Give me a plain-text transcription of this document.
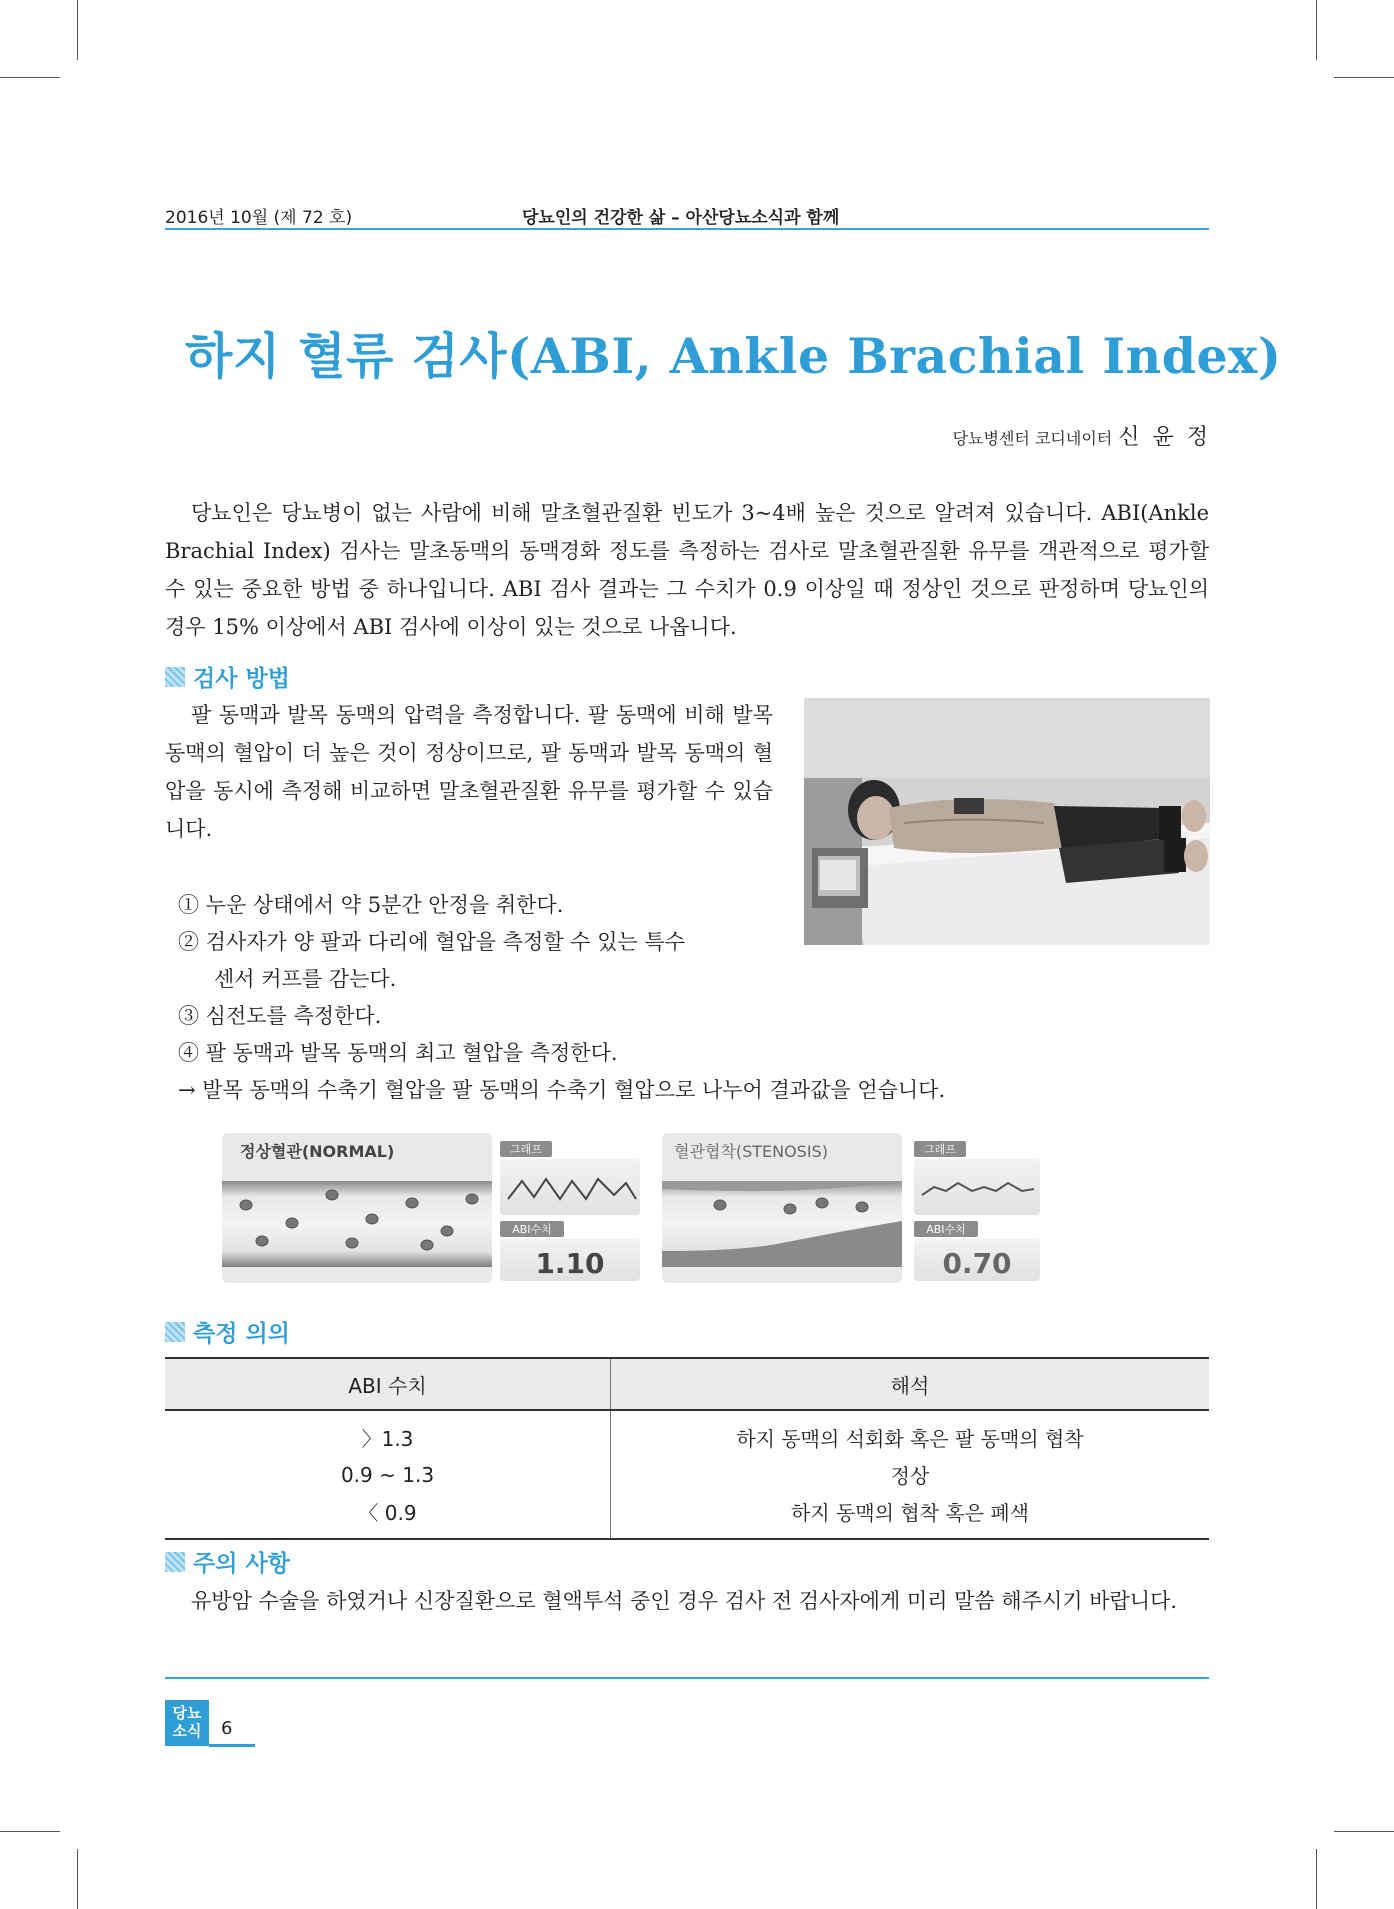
2016년 10월 (제 72 호)	당뇨인의 건강한 삶 – 아산당뇨소식과 함께
하지 혈류 검사(ABI, Ankle Brachial Index)
당뇨병센터 코디네이터 신 윤 정

당뇨인은 당뇨병이 없는 사람에 비해 말초혈관질환 빈도가 3~4배 높은 것으로 알려져 있습니다. ABI(Ankle Brachial Index) 검사는 말초동맥의 동맥경화 정도를 측정하는 검사로 말초혈관질환 유무를 객관적으로 평가할 수 있는 중요한 방법 중 하나입니다. ABI 검사 결과는 그 수치가 0.9 이상일 때 정상인 것으로 판정하며 당뇨인의 경우 15% 이상에서 ABI 검사에 이상이 있는 것으로 나옵니다.

검사 방법

팔 동맥과 발목 동맥의 압력을 측정합니다. 팔 동맥에 비해 발목 동맥의 혈압이 더 높은 것이 정상이므로, 팔 동맥과 발목 동맥의 혈압을 동시에 측정해 비교하면 말초혈관질환 유무를 평가할 수 있습니다.

① 누운 상태에서 약 5분간 안정을 취한다.
② 검사자가 양 팔과 다리에 혈압을 측정할 수 있는 특수
센서 커프를 감는다.
③ 심전도를 측정한다.
④ 팔 동맥과 발목 동맥의 최고 혈압을 측정한다.
→ 발목 동맥의 수축기 혈압을 팔 동맥의 수축기 혈압으로 나누어 결과값을 얻습니다.
정상혈관(NORMAL)	그래프
ABI수치
1.10
혈관협착(STENOSIS)	그래프
ABI수치
0.70
측정 의의
ABI 수치	해석
〉1.3	하지 동맥의 석회화 혹은 팔 동맥의 협착
0.9 ~ 1.3	정상
〈 0.9	하지 동맥의 협착 혹은 폐색
주의 사항

유방암 수술을 하였거나 신장질환으로 혈액투석 중인 경우 검사 전 검사자에게 미리 말씀 해주시기 바랍니다.

당뇨
소식	6
